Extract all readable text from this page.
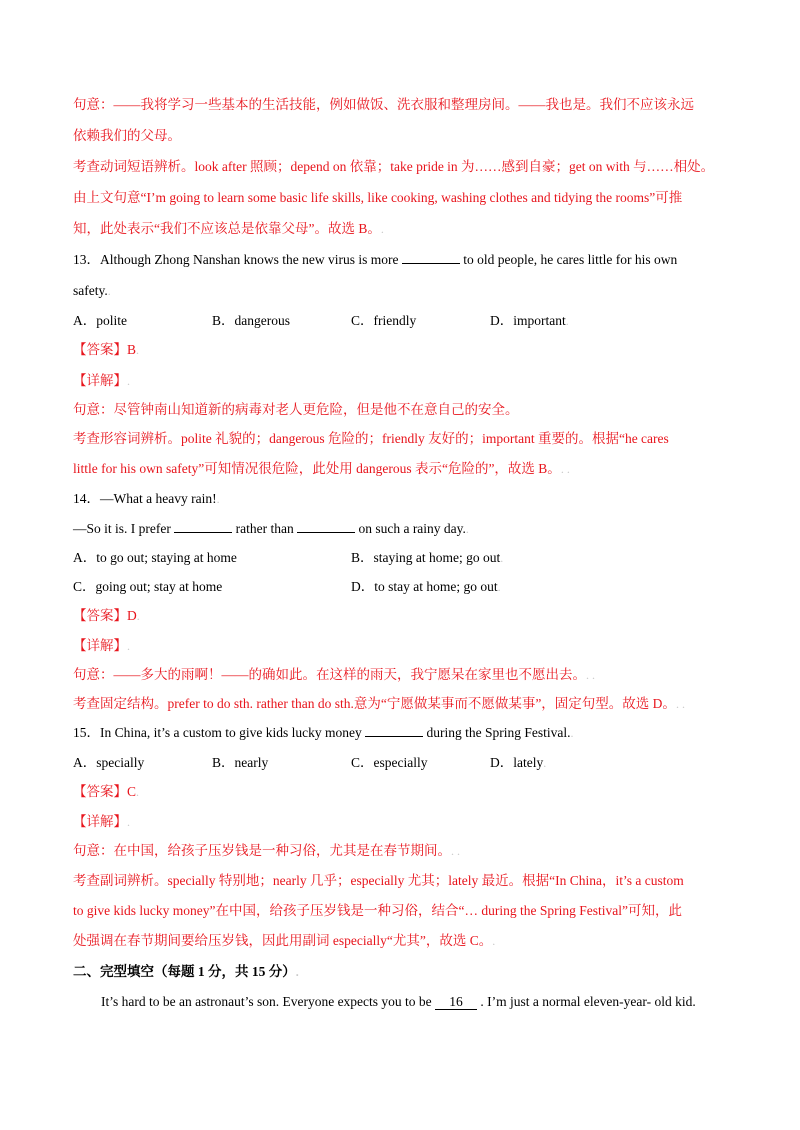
句意：——我将学习一些基本的生活技能，例如做饭、洗衣服和整理房间。——我也是。我们不应该永远
依赖我们的父母。
考查动词短语辨析。look after 照顾；depend on 依靠；take pride in 为……感到自豪；get on with 与……相处。
由上文句意“I’m going to learn some basic life skills, like cooking, washing clothes and tidying the rooms”可推
知，此处表示“我们不应该总是依靠父母”。故选 B。.
13．Although Zhong Nanshan knows the new virus is more	to old people, he cares little for his own
safety..
A．polite	B．dangerous	C．friendly	D．important.
【答案】B.
【详解】.
句意：尽管钟南山知道新的病毒对老人更危险，但是他不在意自己的安全。
考查形容词辨析。polite 礼貌的；dangerous 危险的；friendly 友好的；important 重要的。根据“he cares
little for his own safety”可知情况很危险，此处用 dangerous 表示“危险的”，故选 B。. .
14．—What a heavy rain!.
—So it is. I prefer	rather than	on such a rainy day..
A．to go out; staying at home	B．staying at home; go out.
C．going out; stay at home	D．to stay at home; go out.
【答案】D.
【详解】.
句意：——多大的雨啊！——的确如此。在这样的雨天，我宁愿呆在家里也不愿出去。. .
考查固定结构。prefer to do sth. rather than do sth.意为“宁愿做某事而不愿做某事”，固定句型。故选 D。. .
15．In China, it’s a custom to give kids lucky money	during the Spring Festival..
A．specially	B．nearly	C．especially	D．lately.
【答案】C.
【详解】.
句意：在中国，给孩子压岁钱是一种习俗，尤其是在春节期间。. .
考查副词辨析。specially 特别地；nearly 几乎；especially 尤其；lately 最近。根据“In China，it’s a custom
to give kids lucky money”在中国，给孩子压岁钱是一种习俗，结合“… during the Spring Festival”可知，此
处强调在春节期间要给压岁钱，因此用副词 especially“尤其”，故选 C。.
二、完型填空（每题 1 分，共 15 分）.
It’s hard to be an astronaut’s son. Everyone expects you to be 16 . I’m just a normal eleven-year- old kid.
